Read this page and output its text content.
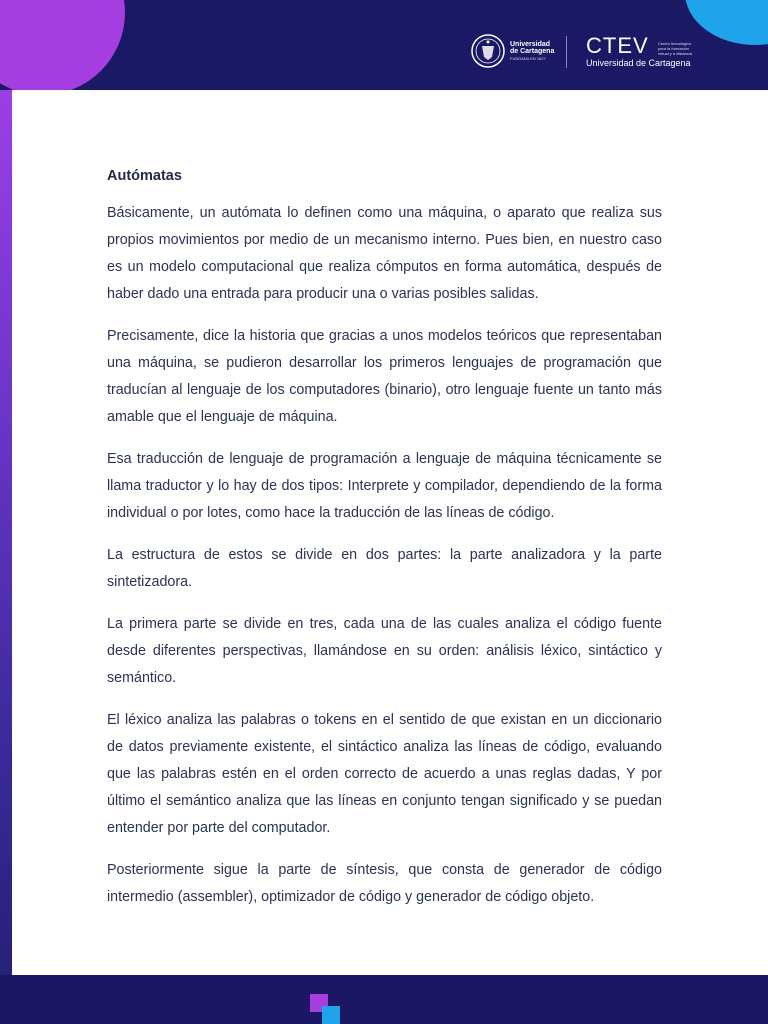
Universidad
de Cartagena
FUNDADA EN 1827	CTEV	Centro tecnológico para la formación virtual y a distancia
Universidad de Cartagena
Autómatas

Básicamente, un autómata lo definen como una máquina, o aparato que realiza sus propios movimientos por medio de un mecanismo interno. Pues bien, en nuestro caso es un modelo computacional que realiza cómputos en forma automática, después de haber dado una entrada para producir una o varias posibles salidas.

Precisamente, dice la historia que gracias a unos modelos teóricos que representaban una máquina, se pudieron desarrollar los primeros lenguajes de programación que traducían al lenguaje de los computadores (binario), otro lenguaje fuente un tanto más amable que el lenguaje de máquina.

Esa traducción de lenguaje de programación a lenguaje de máquina técnicamente se llama traductor y lo hay de dos tipos: Interprete y compilador, dependiendo de la forma individual o por lotes, como hace la traducción de las líneas de código.

La estructura de estos se divide en dos partes: la parte analizadora y la parte sintetizadora.

La primera parte se divide en tres, cada una de las cuales analiza el código fuente desde diferentes perspectivas, llamándose en su orden: análisis léxico, sintáctico y semántico.

El léxico analiza las palabras o tokens en el sentido de que existan en un diccionario de datos previamente existente, el sintáctico analiza las líneas de código, evaluando que las palabras estén en el orden correcto de acuerdo a unas reglas dadas, Y por último el semántico analiza que las líneas en conjunto tengan significado y se puedan entender por parte del computador.

Posteriormente sigue la parte de síntesis, que consta de generador de código intermedio (assembler), optimizador de código y generador de código objeto.
